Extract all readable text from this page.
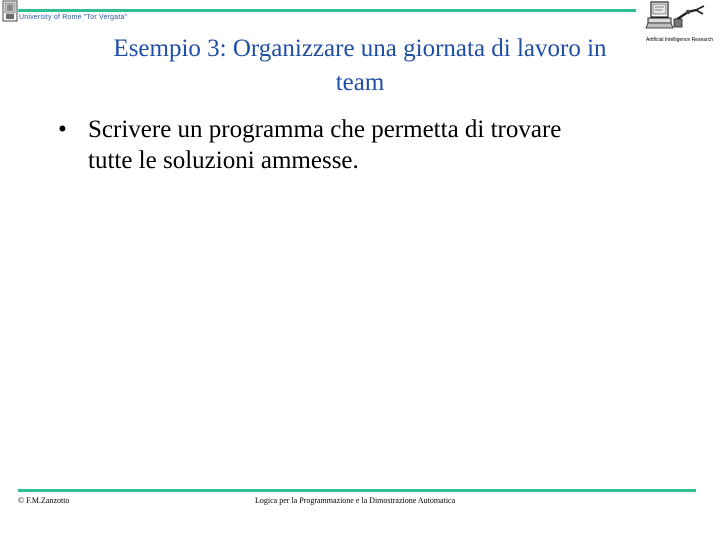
University of Rome "Tor Vergata"
Artificial Intelligence Research
Esempio 3: Organizzare una giornata di lavoro in
team
• Scrivere un programma che permetta di trovare
tutte le soluzioni ammesse.
© F.M.Zanzotto	Logica per la Programmazione e la Dimostrazione Automatica
